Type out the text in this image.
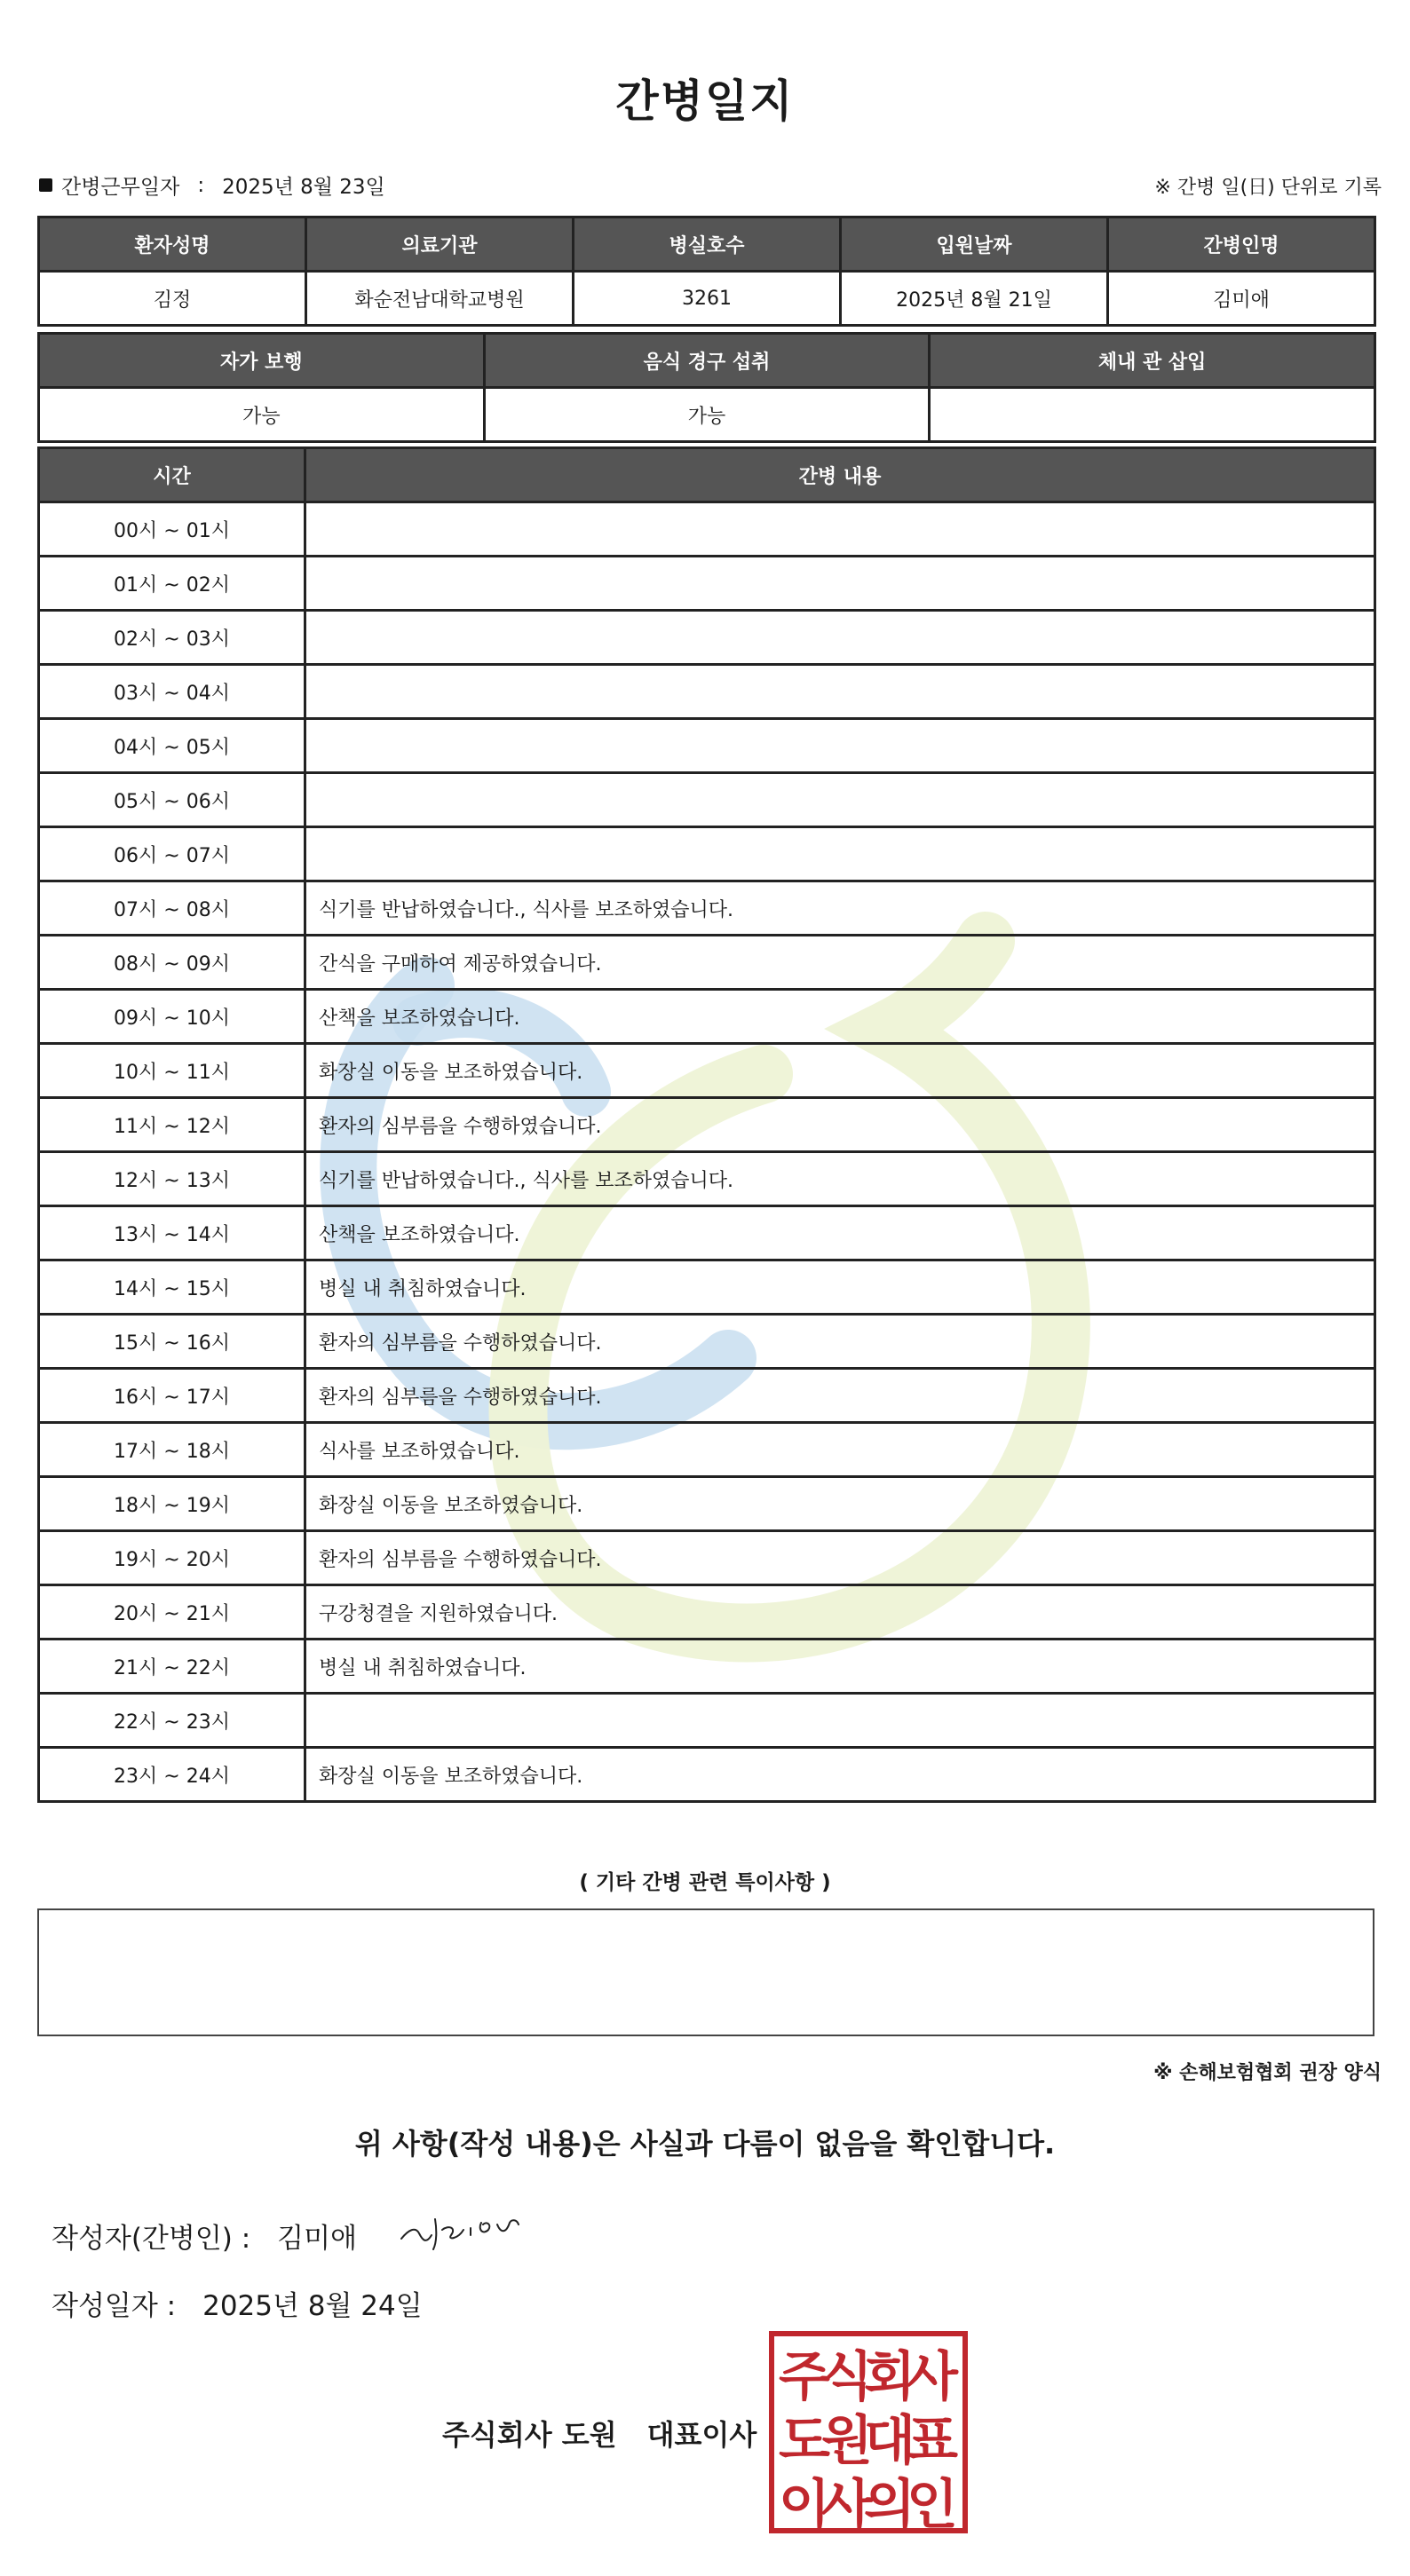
간병일지
간병근무일자 : 2025년 8월 23일	※ 간병 일(日) 단위로 기록
환자성명	의료기관	병실호수	입원날짜	간병인명
김정	화순전남대학교병원	3261	2025년 8월 21일	김미애
자가 보행	음식 경구 섭취	체내 관 삽입
가능	가능	
시간	간병 내용
00시 ~ 01시	
01시 ~ 02시	
02시 ~ 03시	
03시 ~ 04시	
04시 ~ 05시	
05시 ~ 06시	
06시 ~ 07시	
07시 ~ 08시	식기를 반납하였습니다., 식사를 보조하였습니다.
08시 ~ 09시	간식을 구매하여 제공하였습니다.
09시 ~ 10시	산책을 보조하였습니다.
10시 ~ 11시	화장실 이동을 보조하였습니다.
11시 ~ 12시	환자의 심부름을 수행하였습니다.
12시 ~ 13시	식기를 반납하였습니다., 식사를 보조하였습니다.
13시 ~ 14시	산책을 보조하였습니다.
14시 ~ 15시	병실 내 취침하였습니다.
15시 ~ 16시	환자의 심부름을 수행하였습니다.
16시 ~ 17시	환자의 심부름을 수행하였습니다.
17시 ~ 18시	식사를 보조하였습니다.
18시 ~ 19시	화장실 이동을 보조하였습니다.
19시 ~ 20시	환자의 심부름을 수행하였습니다.
20시 ~ 21시	구강청결을 지원하였습니다.
21시 ~ 22시	병실 내 취침하였습니다.
22시 ~ 23시	
23시 ~ 24시	화장실 이동을 보조하였습니다.
( 기타 간병 관련 특이사항 )
※ 손해보험협회 권장 양식
위 사항(작성 내용)은 사실과 다름이 없음을 확인합니다.
작성자(간병인) : 김미애
작성일자 : 2025년 8월 24일
주식회사 도원 대표이사
주
식
회
사
도
원
대
표
이
사
의
인
